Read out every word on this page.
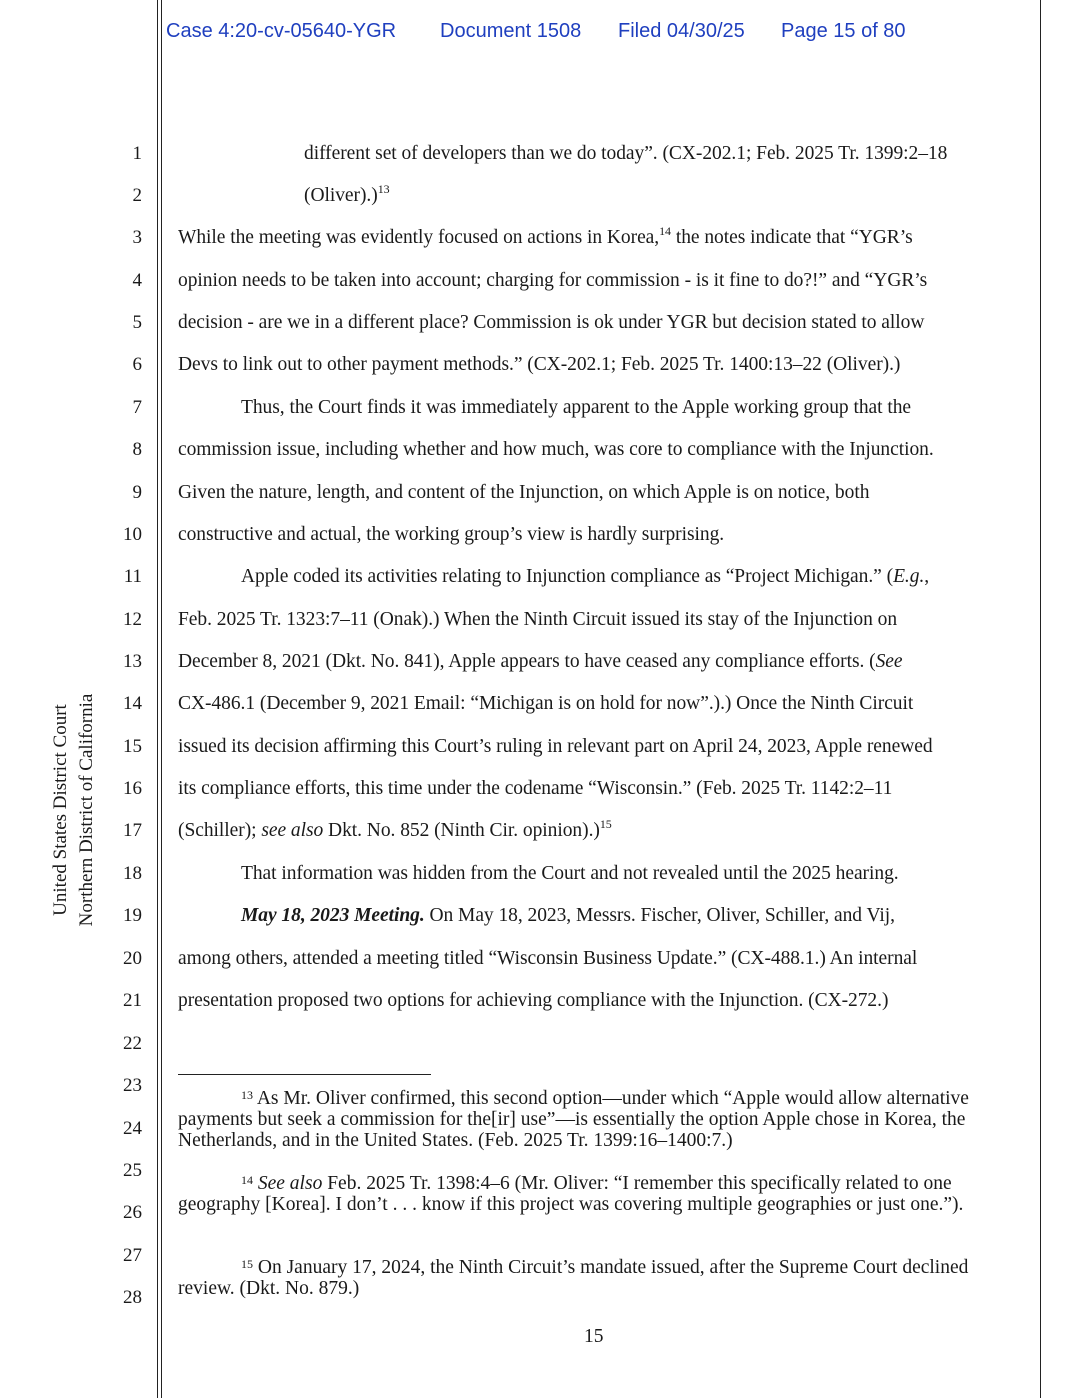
Case 4:20-cv-05640-YGR Document 1508 Filed 04/30/25 Page 15 of 80
United States District Court Northern District of California
1
2
3
4
5
6
7
8
9
10
11
12
13
14
15
16
17
18
19
20
21
22
23
24
25
26
27
28
different set of developers than we do today”. (CX-202.1; Feb. 2025 Tr. 1399:2–18
(Oliver).)$^{13}$
While the meeting was evidently focused on actions in Korea,$^{14}$ the notes indicate that “YGR’s
opinion needs to be taken into account; charging for commission - is it fine to do?!” and “YGR’s
decision - are we in a different place? Commission is ok under YGR but decision stated to allow
Devs to link out to other payment methods.” (CX-202.1; Feb. 2025 Tr. 1400:13–22 (Oliver).)
Thus, the Court finds it was immediately apparent to the Apple working group that the
commission issue, including whether and how much, was core to compliance with the Injunction.
Given the nature, length, and content of the Injunction, on which Apple is on notice, both
constructive and actual, the working group’s view is hardly surprising.
Apple coded its activities relating to Injunction compliance as “Project Michigan.” (E.g.,
Feb. 2025 Tr. 1323:7–11 (Onak).) When the Ninth Circuit issued its stay of the Injunction on
December 8, 2021 (Dkt. No. 841), Apple appears to have ceased any compliance efforts. (See
CX-486.1 (December 9, 2021 Email: “Michigan is on hold for now”.).) Once the Ninth Circuit
issued its decision affirming this Court’s ruling in relevant part on April 24, 2023, Apple renewed
its compliance efforts, this time under the codename “Wisconsin.” (Feb. 2025 Tr. 1142:2–11
(Schiller); see also Dkt. No. 852 (Ninth Cir. opinion).)$^{15}$
That information was hidden from the Court and not revealed until the 2025 hearing.
May 18, 2023 Meeting. On May 18, 2023, Messrs. Fischer, Oliver, Schiller, and Vij,
among others, attended a meeting titled “Wisconsin Business Update.” (CX-488.1.) An internal
presentation proposed two options for achieving compliance with the Injunction. (CX-272.)

$^{13}$ As Mr. Oliver confirmed, this second option—under which “Apple would allow alternative payments but seek a commission for the[ir] use”—is essentially the option Apple chose in Korea, the Netherlands, and in the United States. (Feb. 2025 Tr. 1399:16–1400:7.)

$^{14}$ See also Feb. 2025 Tr. 1398:4–6 (Mr. Oliver: “I remember this specifically related to one geography [Korea]. I don’t . . . know if this project was covering multiple geographies or just one.”).

$^{15}$ On January 17, 2024, the Ninth Circuit’s mandate issued, after the Supreme Court declined review. (Dkt. No. 879.)

15
